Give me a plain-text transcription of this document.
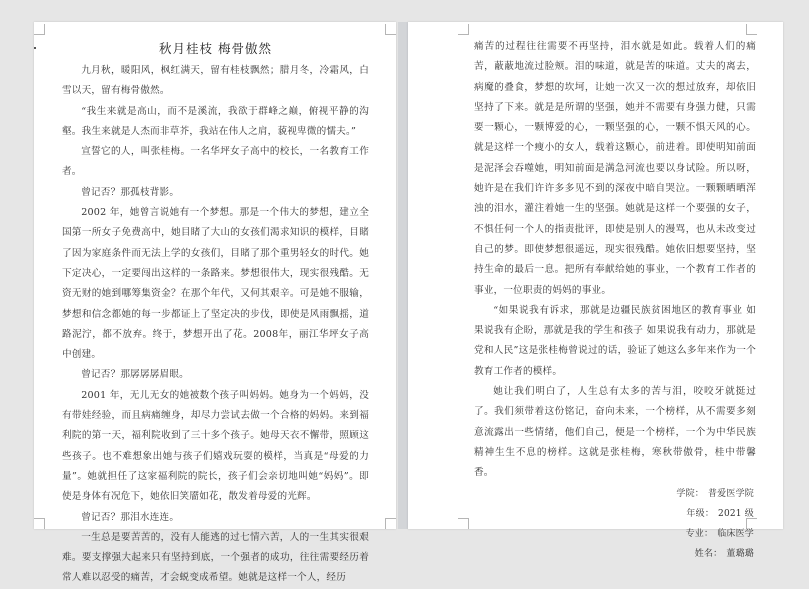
秋月桂枝 梅骨傲然

九月秋，暖阳风，枫红满天，留有桂枝飘然；腊月冬，冷霜风，白雪以天，留有梅骨傲然。

“我生来就是高山，而不是溪流，我欲于群峰之巅，俯视平静的沟壑。我生来就是人杰而非草芥，我站在伟人之肩，藐视卑微的懦夫。”

宣誓它的人，叫张桂梅。一名华坪女子高中的校长，一名教育工作者。

曾记否？那孤枝背影。

2002 年，她曾言说她有一个梦想。那是一个伟大的梦想，建立全国第一所女子免费高中，她目睹了大山的女孩们渴求知识的模样，目睹了因为家庭条件而无法上学的女孩们，目睹了那个重男轻女的时代。她下定决心，一定要闯出这样的一条路来。梦想很伟大，现实很残酷。无资无财的她到哪筹集资金？在那个年代，又何其艰辛。可是她不服输，梦想和信念都她的每一步都证上了坚定决的步伐，即使是风雨飘摇，道路泥泞，都不放弃。终于，梦想开出了花。2008年，丽江华坪女子高中创建。

曾记否？那孱孱孱眉眼。

2001 年，无儿无女的她被数个孩子叫妈妈。她身为一个妈妈，没有带娃经验，而且病痛缠身，却尽力尝试去做一个合格的妈妈。来到福利院的第一天，福利院收到了三十多个孩子。她母天衣不懈带，照顾这些孩子。也不难想象出她与孩子们嬉戏玩耍的模样，当真是“母爱的力量”。她就担任了这家福利院的院长，孩子们会亲切地叫她“妈妈”。即使是身体有况危下，她依旧笑靥如花，散发着母爱的光辉。

曾记否？那泪水连连。

一生总是要苦苦的，没有人能逃的过七情六苦，人的一生其实很艰难。要支撑强大起来只有坚持到底，一个强者的成功，往往需要经历着常人难以忍受的痛苦，才会蜕变成希望。她就是这样一个人，经历

痛苦的过程往往需要不再坚持，泪水就是如此。载着人们的痛苦，蔽蔽地流过脸颊。泪的味道，就是苦的味道。丈夫的离去，病魔的叠食，梦想的坎坷，让她一次又一次的想过放弃，却依旧坚持了下来。就是是所谓的坚强，她并不需要有身强力健，只需要一颗心，一颗博爱的心，一颗坚强的心，一颗不惧天风的心。就是这样一个瘦小的女人，载着这颗心，前进着。即使明知前面是泥泽会吞噬她，明知前面是满急河流也要以身试险。所以呀，她许是在我们许许多多见不到的深夜中暗自哭泣。一颗颗晒晒浑浊的泪水，灌注着她一生的坚强。她就是这样一个要强的女子，不惧任何一个人的指责批评，即使是别人的漫骂，也从未改变过自己的梦。即使梦想很遥远，现实很残酷。她依旧想要坚持，坚持生命的最后一息。把所有奉献给她的事业，一个教育工作者的事业，一位职责的妈妈的事业。

“如果说我有诉求，那就是边疆民族贫困地区的教育事业 如果说我有企盼，那就是我的学生和孩子 如果说我有动力，那就是党和人民”这是张桂梅曾说过的话，验证了她这么多年来作为一个教育工作者的模样。

她让我们明白了，人生总有太多的苦与泪，咬咬牙就挺过了。我们须带着这份铭记，奋向未来，一个榜样，从不需要多刻意流露出一些情绪，他们自己，便是一个榜样，一个为中华民族精神生生不息的榜样。这就是张桂梅，寒秋带傲骨，桂中带馨香。

学院： 普爱医学院

年级： 2021 级

专业： 临床医学

姓名： 董璐璐
